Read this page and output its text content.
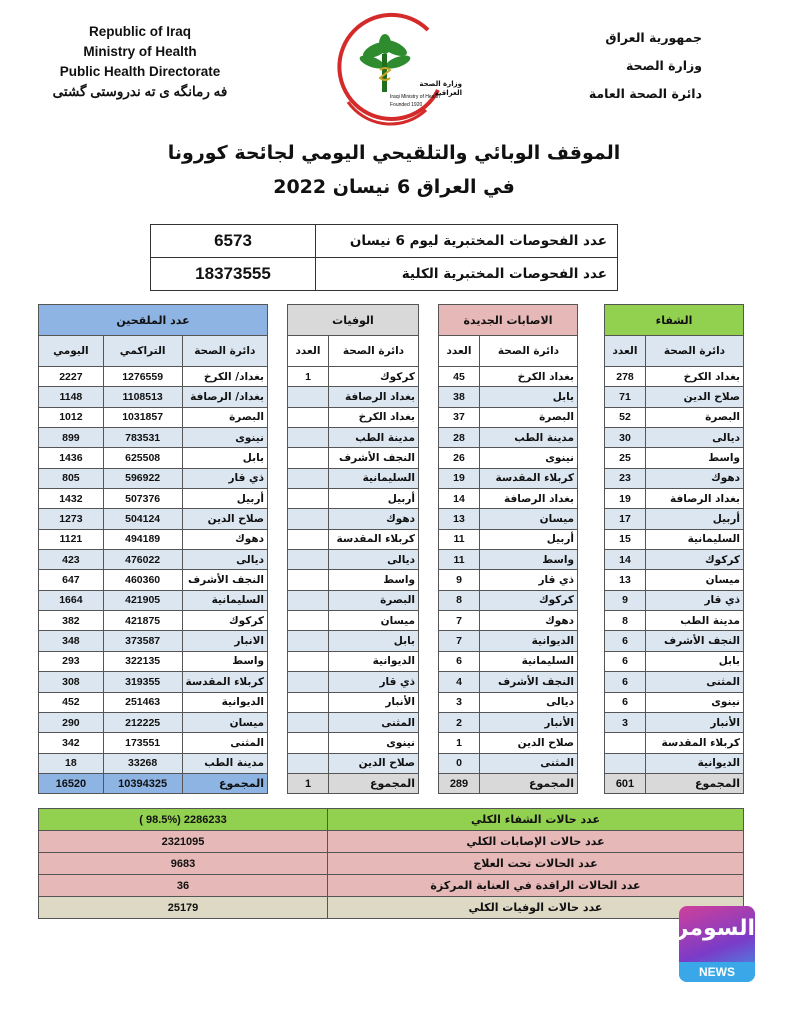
Republic of Iraq
Ministry of Health
Public Health Directorate
فه رمانگه ی ته ندروستی گشتی	وزارة الصحة العراقية
Iraqi Ministry of Health
Founded 1920
جمهورية العراق
وزارة الصحة
دائرة الصحة العامة
الموقف الوبائي والتلقيحي اليومي لجائحة كورونا
في العراق 6 نيسان 2022
6573	عدد الفحوصات المختبرية ليوم 6 نيسان
18373555	عدد الفحوصات المختبرية الكلية
عدد الملقحين		
اليومي	التراكمي	دائرة الصحة
2227	1276559	بغداد/ الكرخ
1148	1108513	بغداد/ الرصافة
1012	1031857	البصرة
899	783531	نينوى
1436	625508	بابل
805	596922	ذي قار
1432	507376	أربيل
1273	504124	صلاح الدين
1121	494189	دهوك
423	476022	ديالى
647	460360	النجف الأشرف
1664	421905	السليمانية
382	421875	كركوك
348	373587	الانبار
293	322135	واسط
308	319355	كربلاء المقدسة
452	251463	الديوانية
290	212225	ميسان
342	173551	المثنى
18	33268	مدينة الطب
16520	10394325	المجموع
الوفيات	
العدد	دائرة الصحة
1	كركوك
	بغداد الرصافة
	بغداد الكرخ
	مدينة الطب
	النجف الأشرف
	السليمانية
	أربيل
	دهوك
	كربلاء المقدسة
	ديالى
	واسط
	البصرة
	ميسان
	بابل
	الديوانية
	ذي قار
	الأنبار
	المثنى
	نينوى
	صلاح الدين
1	المجموع
الاصابات الجديدة	
العدد	دائرة الصحة
45	بغداد الكرخ
38	بابل
37	البصرة
28	مدينة الطب
26	نينوى
19	كربلاء المقدسة
14	بغداد الرصافة
13	ميسان
11	أربيل
11	واسط
9	ذي قار
8	كركوك
7	دهوك
7	الديوانية
6	السليمانية
4	النجف الأشرف
3	ديالى
2	الأنبار
1	صلاح الدين
0	المثنى
289	المجموع
الشفاء	
العدد	دائرة الصحة
278	بغداد الكرخ
71	صلاح الدين
52	البصرة
30	ديالى
25	واسط
23	دهوك
19	بغداد الرصافة
17	أربيل
15	السليمانية
14	كركوك
13	ميسان
9	ذي قار
8	مدينة الطب
6	النجف الأشرف
6	بابل
6	المثنى
6	نينوى
3	الأنبار
	كربلاء المقدسة
	الديوانية
601	المجموع
( 98.5%) 2286233	عدد حالات الشفاء الكلي
2321095	عدد حالات الإصابات الكلي
9683	عدد الحالات تحت العلاج
36	عدد الحالات الراقدة في العناية المركزة
25179	عدد حالات الوفيات الكلي
السومرية
NEWS
